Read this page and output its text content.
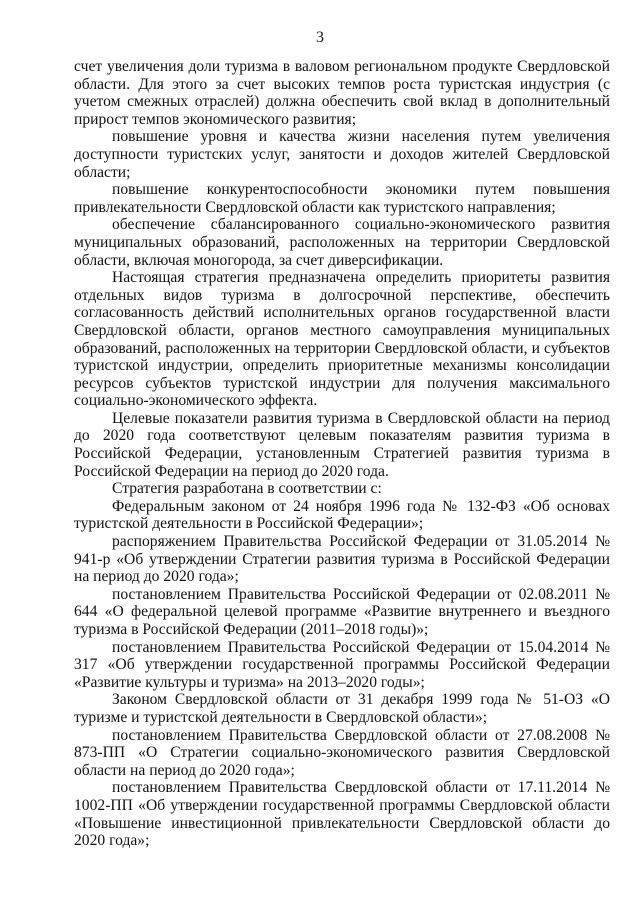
3

счет увеличения доли туризма в валовом региональном продукте Свердловской области. Для этого за счет высоких темпов роста туристская индустрия (с учетом смежных отраслей) должна обеспечить свой вклад в дополнительный прирост темпов экономического развития;

повышение уровня и качества жизни населения путем увеличения доступности туристских услуг, занятости и доходов жителей Свердловской области;

повышение конкурентоспособности экономики путем повышения привлекательности Свердловской области как туристского направления;

обеспечение сбалансированного социально-экономического развития муниципальных образований, расположенных на территории Свердловской области, включая моногорода, за счет диверсификации.

Настоящая стратегия предназначена определить приоритеты развития отдельных видов туризма в долгосрочной перспективе, обеспечить согласованность действий исполнительных органов государственной власти Свердловской области, органов местного самоуправления муниципальных образований, расположенных на территории Свердловской области, и субъектов туристской индустрии, определить приоритетные механизмы консолидации ресурсов субъектов туристской индустрии для получения максимального социально-экономического эффекта.

Целевые показатели развития туризма в Свердловской области на период до 2020 года соответствуют целевым показателям развития туризма в Российской Федерации, установленным Стратегией развития туризма в Российской Федерации на период до 2020 года.

Стратегия разработана в соответствии с:

Федеральным законом от 24 ноября 1996 года № 132-ФЗ «Об основах туристской деятельности в Российской Федерации»;

распоряжением Правительства Российской Федерации от 31.05.2014 № 941-р «Об утверждении Стратегии развития туризма в Российской Федерации на период до 2020 года»;

постановлением Правительства Российской Федерации от 02.08.2011 № 644 «О федеральной целевой программе «Развитие внутреннего и въездного туризма в Российской Федерации (2011–2018 годы)»;

постановлением Правительства Российской Федерации от 15.04.2014 № 317 «Об утверждении государственной программы Российской Федерации «Развитие культуры и туризма» на 2013–2020 годы»;

Законом Свердловской области от 31 декабря 1999 года № 51-ОЗ «О туризме и туристской деятельности в Свердловской области»;

постановлением Правительства Свердловской области от 27.08.2008 № 873-ПП «О Стратегии социально-экономического развития Свердловской области на период до 2020 года»;

постановлением Правительства Свердловской области от 17.11.2014 № 1002-ПП «Об утверждении государственной программы Свердловской области «Повышение инвестиционной привлекательности Свердловской области до 2020 года»;
